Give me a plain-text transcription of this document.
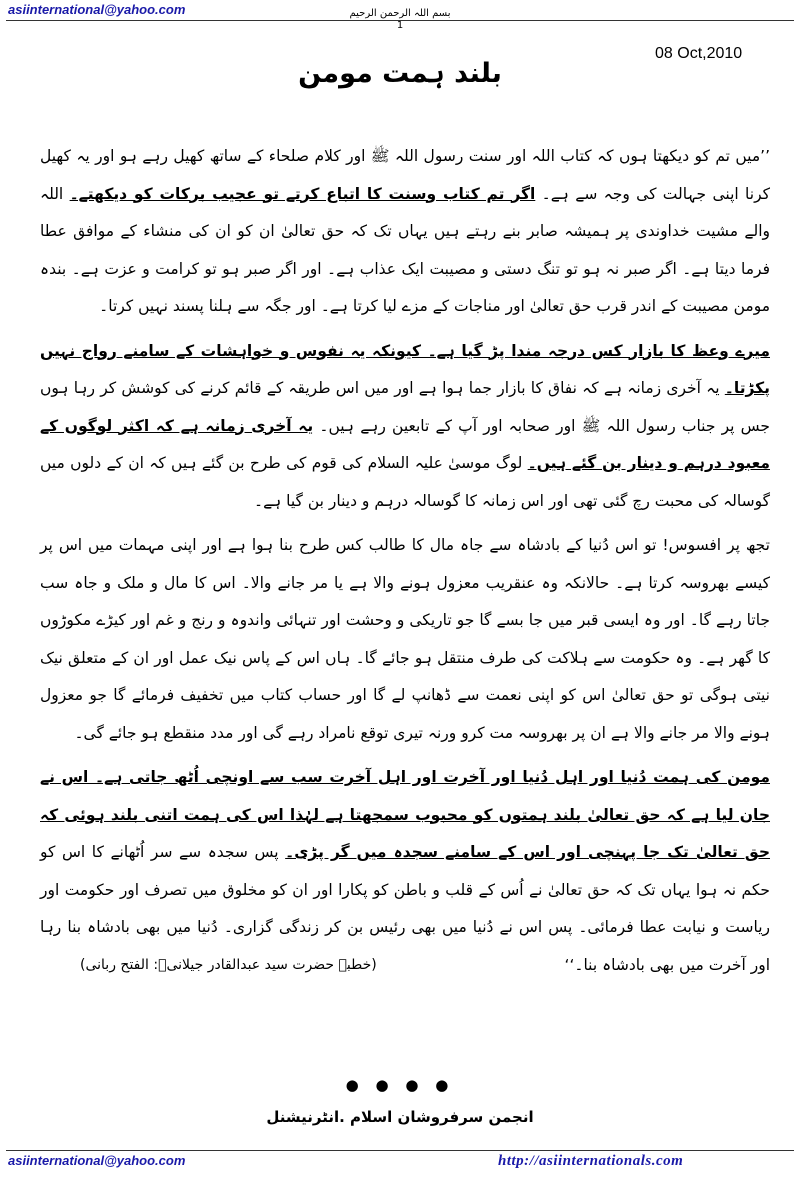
asiinternational@yahoo.com	بسم اللہ الرحمن الرحیم
1
08 Oct,2010
بلند ہمت مومن

’’میں تم کو دیکھتا ہوں کہ کتاب اللہ اور سنت رسول اللہ ﷺ اور کلام صلحاء کے ساتھ کھیل رہے ہو اور یہ کھیل کرنا اپنی جہالت کی وجہ سے ہے۔ اگر تم کتاب وسنت کا اتباع کرتے تو عجیب برکات کو دیکھتے۔ اللہ والے مشیت خداوندی پر ہمیشہ صابر بنے رہتے ہیں یہاں تک کہ حق تعالیٰ ان کو ان کی منشاء کے موافق عطا فرما دیتا ہے۔ اگر صبر نہ ہو تو تنگ دستی و مصیبت ایک عذاب ہے۔ اور اگر صبر ہو تو کرامت و عزت ہے۔ بندہ مومن مصیبت کے اندر قرب حق تعالیٰ اور مناجات کے مزے لیا کرتا ہے۔ اور جگہ سے ہلنا پسند نہیں کرتا۔

میرے وعظ کا بازار کس درجہ مندا پڑ گیا ہے۔ کیونکہ یہ نفوس و خواہشات کے سامنے رواج نہیں پکڑتا۔ یہ آخری زمانہ ہے کہ نفاق کا بازار جما ہوا ہے اور میں اس طریقہ کے قائم کرنے کی کوشش کر رہا ہوں جس پر جناب رسول اللہ ﷺ اور صحابہ اور آپ کے تابعین رہے ہیں۔ یہ آخری زمانہ ہے کہ اکثر لوگوں کے معبود درہم و دینار بن گئے ہیں۔ لوگ موسیٰ علیہ السلام کی قوم کی طرح بن گئے ہیں کہ ان کے دلوں میں گوسالہ کی محبت رچ گئی تھی اور اس زمانہ کا گوسالہ درہم و دینار بن گیا ہے۔

تجھ پر افسوس! تو اس دُنیا کے بادشاہ سے جاہ مال کا طالب کس طرح بنا ہوا ہے اور اپنی مہمات میں اس پر کیسے بھروسہ کرتا ہے۔ حالانکہ وہ عنقریب معزول ہونے والا ہے یا مر جانے والا۔ اس کا مال و ملک و جاہ سب جاتا رہے گا۔ اور وہ ایسی قبر میں جا بسے گا جو تاریکی و وحشت اور تنہائی واندوہ و رنج و غم اور کیڑے مکوڑوں کا گھر ہے۔ وہ حکومت سے ہلاکت کی طرف منتقل ہو جائے گا۔ ہاں اس کے پاس نیک عمل اور ان کے متعلق نیک نیتی ہوگی تو حق تعالیٰ اس کو اپنی نعمت سے ڈھانپ لے گا اور حساب کتاب میں تخفیف فرمائے گا جو معزول ہونے والا مر جانے والا ہے ان پر بھروسہ مت کرو ورنہ تیری توقع نامراد رہے گی اور مدد منقطع ہو جائے گی۔

مومن کی ہمت دُنیا اور اہل دُنیا اور آخرت اور اہل آخرت سب سے اونچی اُٹھ جاتی ہے۔ اس نے جان لیا ہے کہ حق تعالیٰ بلند ہمتوں کو محبوب سمجھتا ہے لہٰذا اس کی ہمت اتنی بلند ہوئی کہ حق تعالیٰ تک جا پہنچی اور اس کے سامنے سجدہ میں گر پڑی۔ پس سجدہ سے سر اُٹھانے کا اس کو حکم نہ ہوا یہاں تک کہ حق تعالیٰ نے اُس کے قلب و باطن کو پکارا اور ان کو مخلوق میں تصرف اور حکومت اور ریاست و نیابت عطا فرمائی۔ پس اس نے دُنیا میں بھی رئیس بن کر زندگی گزاری۔ دُنیا میں بھی بادشاہ بنا رہا اور آخرت میں بھی بادشاہ بنا۔‘‘

(خطبہ حضرت سید عبدالقادر جیلانیؒ: الفتح ربانی)
● ● ● ●
انجمن سرفروشان اسلام .انٹرنیشنل
asiinternational@yahoo.com	http://asiinternationals.com
